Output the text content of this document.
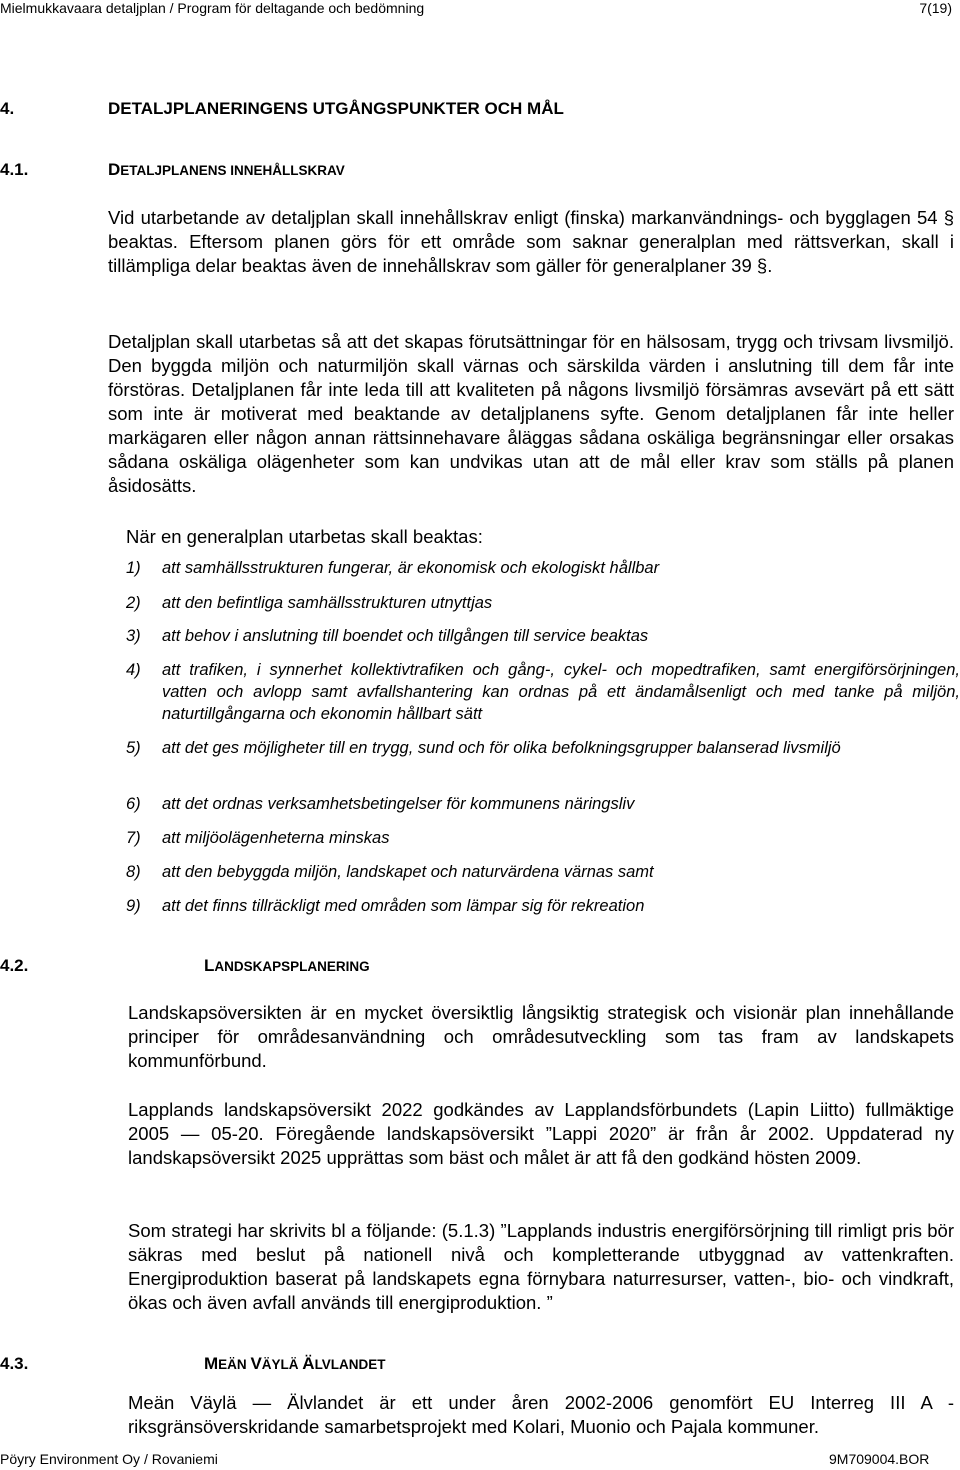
Mielmukkavaara detaljplan / Program för deltagande och bedömning	7(19)
4.	DETALJPLANERINGENS UTGÅNGSPUNKTER OCH MÅL
4.1.	DETALJPLANENS INNEHÅLLSKRAV

Vid utarbetande av detaljplan skall innehållskrav enligt (finska) markanvändnings- och bygglagen 54 § beaktas. Eftersom planen görs för ett område som saknar generalplan med rättsverkan, skall i tillämpliga delar beaktas även de innehållskrav som gäller för generalplaner 39 §.

Detaljplan skall utarbetas så att det skapas förutsättningar för en hälsosam, trygg och trivsam livsmiljö. Den byggda miljön och naturmiljön skall värnas och särskilda värden i anslutning till dem får inte förstöras. Detaljplanen får inte leda till att kvaliteten på någons livsmiljö försämras avsevärt på ett sätt som inte är motiverat med beaktande av detaljplanens syfte. Genom detaljplanen får inte heller markägaren eller någon annan rättsinnehavare åläggas sådana oskäliga begränsningar eller orsakas sådana oskäliga olägenheter som kan undvikas utan att de mål eller krav som ställs på planen åsidosätts.

När en generalplan utarbetas skall beaktas:
1)	att samhällsstrukturen fungerar, är ekonomisk och ekologiskt hållbar
2)	att den befintliga samhällsstrukturen utnyttjas
3)	att behov i anslutning till boendet och tillgången till service beaktas
4)	att trafiken, i synnerhet kollektivtrafiken och gång-, cykel- och mopedtrafiken, samt energiförsörjningen, vatten och avlopp samt avfallshantering kan ordnas på ett ändamålsenligt och med tanke på miljön, naturtillgångarna och ekonomin hållbart sätt
5)	att det ges möjligheter till en trygg, sund och för olika befolkningsgrupper balanserad livsmiljö
6)	att det ordnas verksamhetsbetingelser för kommunens näringsliv
7)	att miljöolägenheterna minskas
8)	att den bebyggda miljön, landskapet och naturvärdena värnas samt
9)	att det finns tillräckligt med områden som lämpar sig för rekreation
4.2.	LANDSKAPSPLANERING

Landskapsöversikten är en mycket översiktlig långsiktig strategisk och visionär plan innehållande principer för områdesanvändning och områdesutveckling som tas fram av landskapets kommunförbund.

Lapplands landskapsöversikt 2022 godkändes av Lapplandsförbundets (Lapin Liitto) fullmäktige 2005 — 05-20. Föregående landskapsöversikt ”Lappi 2020” är från år 2002. Uppdaterad ny landskapsöversikt 2025 upprättas som bäst och målet är att få den godkänd hösten 2009.

Som strategi har skrivits bl a följande: (5.1.3) ”Lapplands industris energiförsörjning till rimligt pris bör säkras med beslut på nationell nivå och kompletterande utbyggnad av vattenkraften. Energiproduktion baserat på landskapets egna förnybara naturresurser, vatten-, bio- och vindkraft, ökas och även avfall används till energiproduktion. ”

4.3.	MEÄN VÄYLÄ ÄLVLANDET

Meän Väylä — Älvlandet är ett under åren 2002-2006 genomfört EU Interreg III A - riksgränsöverskridande samarbetsprojekt med Kolari, Muonio och Pajala kommuner.

Pöyry Environment Oy / Rovaniemi	9M709004.BOR
